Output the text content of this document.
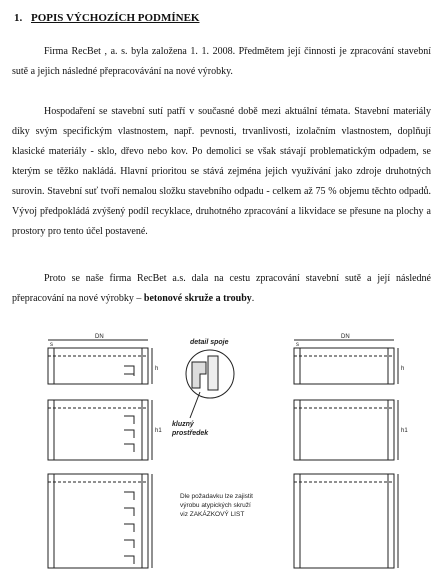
1. POPIS VÝCHOZÍCH PODMÍNEK

Firma RecBet , a. s. byla založena 1. 1. 2008. Předmětem její činnosti je zpracování stavební sutě a jejich následné přepracovávání na nové výrobky.

Hospodaření se stavební sutí patří v současné době mezi aktuální témata. Stavební materiály díky svým specifickým vlastnostem, např. pevnosti, trvanlivosti, izolačním vlastnostem, doplňují klasické materiály - sklo, dřevo nebo kov. Po demolici se však stávají problematickým odpadem, se kterým se těžko nakládá. Hlavní prioritou se stává zejména jejich využívání jako zdroje druhotných surovin. Stavební suť tvoří nemalou složku stavebního odpadu - celkem až 75 % objemu těchto odpadů. Vývoj předpokládá zvýšený podíl recyklace, druhotného zpracování a likvidace se přesune na plochy a prostory pro tento účel postavené.

Proto se naše firma RecBet a.s. dala na cestu zpracování stavební sutě a její následné přepracování na nové výrobky – betonové skruže a trouby.

DN	DN
h	h
h1	h1
s	s
detail spoje
kluzný
prostředek
Dle požadavku lze zajistit
výrobu atypických skruží
viz ZAKÁZKOVÝ LIST
